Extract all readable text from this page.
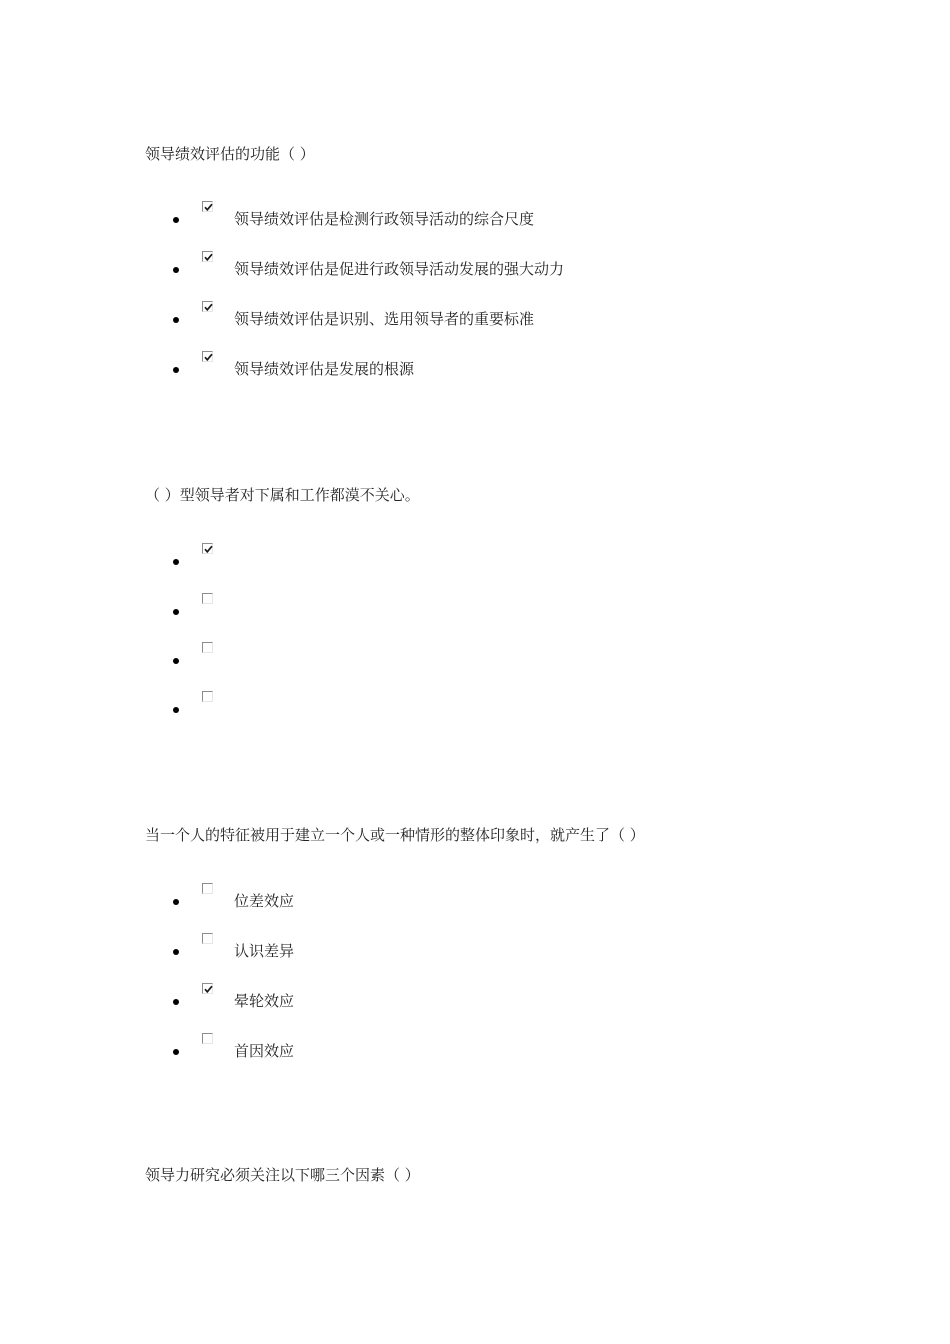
领导绩效评估的功能（ ）
领导绩效评估是检测行政领导活动的综合尺度
领导绩效评估是促进行政领导活动发展的强大动力
领导绩效评估是识别、选用领导者的重要标准
领导绩效评估是发展的根源
（ ）型领导者对下属和工作都漠不关心。
当一个人的特征被用于建立一个人或一种情形的整体印象时，就产生了（ ）
位差效应
认识差异
晕轮效应
首因效应
领导力研究必须关注以下哪三个因素（ ）
